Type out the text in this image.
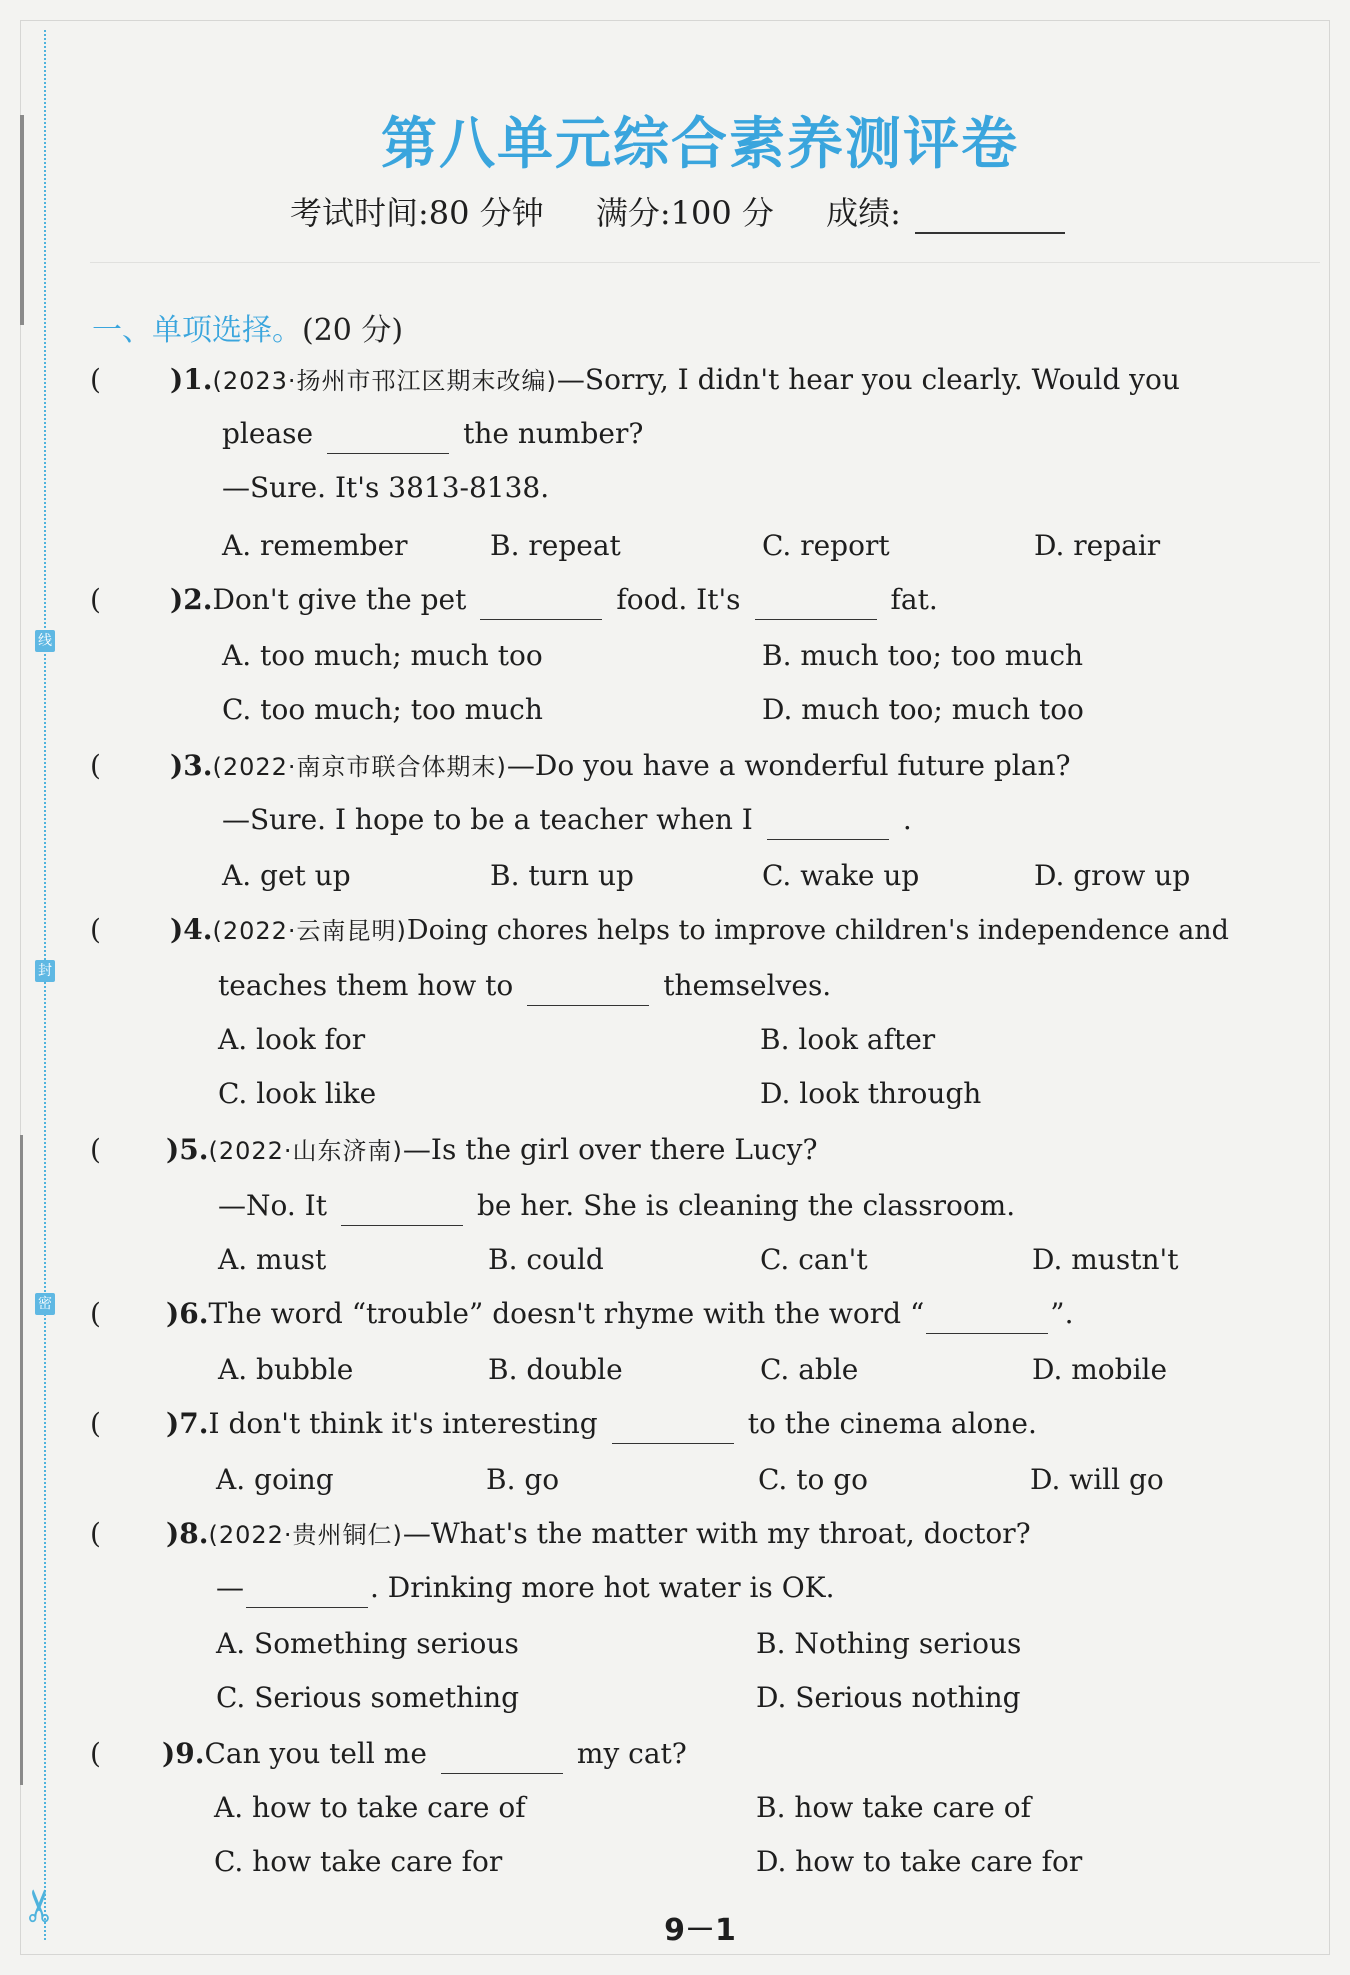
线
封
密
✂
第八单元综合素养测评卷
考试时间:80 分钟 满分:100 分 成绩:
一、单项选择。(20 分)
( )1.(2023·扬州市邗江区期末改编)—Sorry, I didn't hear you clearly. Would you
please	the number?
—Sure. It's 3813-8138.
A. remember	B. repeat	C. report	D. repair
( )2.Don't give the pet	food. It's	fat.
A. too much; much too	B. much too; too much
C. too much; too much	D. much too; much too
( )3.(2022·南京市联合体期末)—Do you have a wonderful future plan?
—Sure. I hope to be a teacher when I	.
A. get up	B. turn up	C. wake up	D. grow up
( )4.(2022·云南昆明)Doing chores helps to improve children's independence and
teaches them how to	themselves.
A. look for	B. look after
C. look like	D. look through
( )5.(2022·山东济南)—Is the girl over there Lucy?
—No. It	be her. She is cleaning the classroom.
A. must	B. could	C. can't	D. mustn't
( )6.The word “trouble” doesn't rhyme with the word “	”.
A. bubble	B. double	C. able	D. mobile
( )7.I don't think it's interesting	to the cinema alone.
A. going	B. go	C. to go	D. will go
( )8.(2022·贵州铜仁)—What's the matter with my throat, doctor?
—	. Drinking more hot water is OK.
A. Something serious	B. Nothing serious
C. Serious something	D. Serious nothing
( )9.Can you tell me	my cat?
A. how to take care of	B. how take care of
C. how take care for	D. how to take care for
9－1
